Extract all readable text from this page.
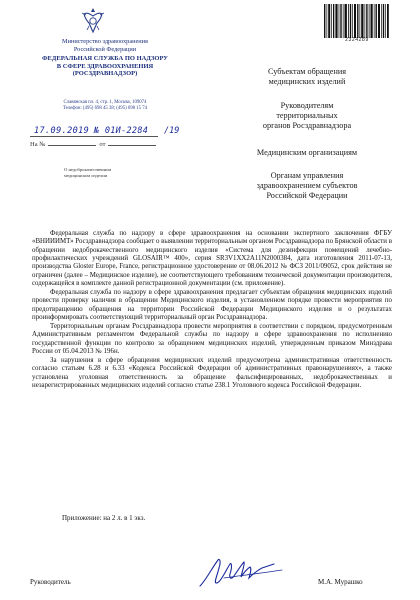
Министерство здравоохранения
Российской Федерации
ФЕДЕРАЛЬНАЯ СЛУЖБА ПО НАДЗОРУ
В СФЕРЕ ЗДРАВООХРАНЕНИЯ
(РОСЗДРАВНАДЗОР)
Славянская пл. 4, стр. 1, Москва, 109074
Телефон: (495) 698 45 38; (495) 698 15 74
17.09.2019 № 01И-2284 /19
На №	от
О недоброкачественном
медицинском изделии
2324289
Субъектам обращения
медицинских изделий
Руководителям
территориальных
органов Росздравнадзора
Медицинским организациям
Органам управления
здравоохранением субъектов
Российской Федерации

Федеральная служба по надзору в сфере здравоохранения на основании экспертного заключения ФГБУ «ВНИИИМТ» Росздравнадзора сообщает о выявлении территориальным органом Росздравнадзора по Брянской области в обращении недоброкачественного медицинского изделия «Система для дезинфекции помещений лечебно-профилактических учреждений GLOSAIR™ 400», серия SR3V1XX2A11N2000384, дата изготовления 2011-07-13, производства Gloster Europe, France, регистрационное удостоверение от 08.06.2012 № ФСЗ 2011/09052, срок действия не ограничен (далее – Медицинское изделие), не соответствующего требованиям технической документации производителя, содержащейся в комплекте данной регистрационной документации (см. приложение).

Федеральная служба по надзору в сфере здравоохранения предлагает субъектам обращения медицинских изделий провести проверку наличия в обращении Медицинского изделия, в установленном порядке провести мероприятия по предотвращению обращения на территории Российской Федерации Медицинского изделия и о результатах проинформировать соответствующий территориальный орган Росздравнадзора.

Территориальным органам Росздравнадзора провести мероприятия в соответствии с порядком, предусмотренным Административным регламентом Федеральной службы по надзору в сфере здравоохранения по исполнению государственной функции по контролю за обращением медицинских изделий, утвержденным приказом Минздрава России от 05.04.2013 № 196н.

За нарушения в сфере обращения медицинских изделий предусмотрена административная ответственность согласно статьям 6.28 и 6.33 «Кодекса Российской Федерации об административных правонарушениях», а также установлена уголовная ответственность за обращение фальсифицированных, недоброкачественных и незарегистрированных медицинских изделий согласно статье 238.1 Уголовного кодекса Российской Федерации.

Приложение: на 2 л. в 1 экз.
Руководитель	М.А. Мурашко
